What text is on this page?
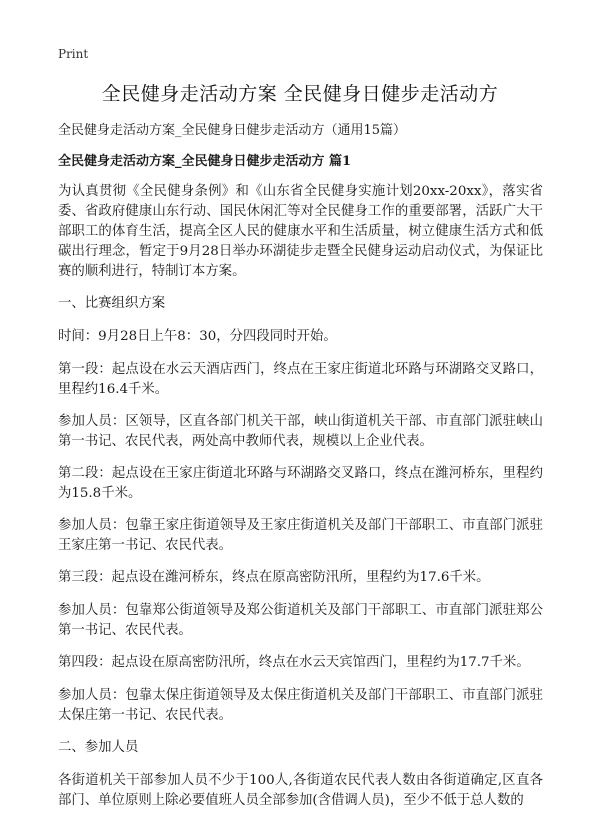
Print
全民健身走活动方案 全民健身日健步走活动方

全民健身走活动方案_全民健身日健步走活动方（通用15篇）

全民健身走活动方案_全民健身日健步走活动方 篇1

为认真贯彻《全民健身条例》和《山东省全民健身实施计划20xx-20xx》，落实省委、省政府健康山东行动、国民休闲汇等对全民健身工作的重要部署，活跃广大干部职工的体育生活，提高全区人民的健康水平和生活质量，树立健康生活方式和低碳出行理念，暂定于9月28日举办环湖徒步走暨全民健身运动启动仪式，为保证比赛的顺利进行，特制订本方案。

一、比赛组织方案

时间：9月28日上午8：30，分四段同时开始。

第一段：起点设在水云天酒店西门，终点在王家庄街道北环路与环湖路交叉路口，里程约16.4千米。

参加人员：区领导，区直各部门机关干部，峡山街道机关干部、市直部门派驻峡山第一书记、农民代表，两处高中教师代表，规模以上企业代表。

第二段：起点设在王家庄街道北环路与环湖路交叉路口，终点在潍河桥东，里程约为15.8千米。

参加人员：包靠王家庄街道领导及王家庄街道机关及部门干部职工、市直部门派驻王家庄第一书记、农民代表。

第三段：起点设在潍河桥东，终点在原高密防汛所，里程约为17.6千米。

参加人员：包靠郑公街道领导及郑公街道机关及部门干部职工、市直部门派驻郑公第一书记、农民代表。

第四段：起点设在原高密防汛所，终点在水云天宾馆西门，里程约为17.7千米。

参加人员：包靠太保庄街道领导及太保庄街道机关及部门干部职工、市直部门派驻太保庄第一书记、农民代表。

二、参加人员

各街道机关干部参加人员不少于100人,各街道农民代表人数由各街道确定,区直各部门、单位原则上除必要值班人员全部参加(含借调人员)，至少不低于总人数的
